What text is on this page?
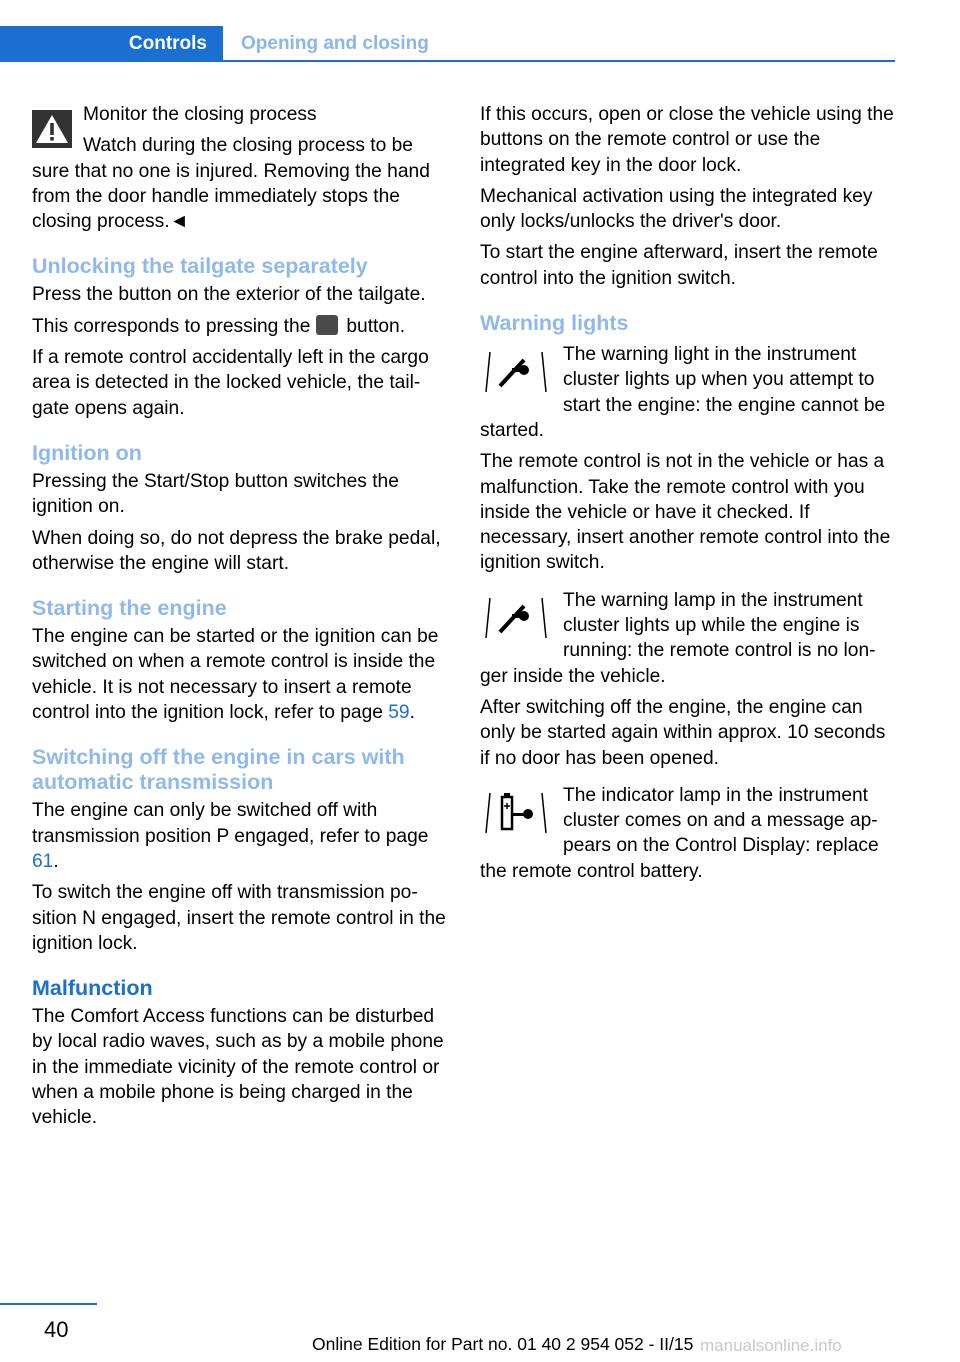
Controls	Opening and closing

Monitor the closing process

Watch during the closing process to be sure that no one is injured. Removing the hand from the door handle immediately stops the closing process.◄

Unlocking the tailgate separately

Press the button on the exterior of the tailgate.

This corresponds to pressing the button.

If a remote control accidentally left in the cargo area is detected in the locked vehicle, the tailgate opens again.

Ignition on

Pressing the Start/Stop button switches the ignition on.

When doing so, do not depress the brake pedal, otherwise the engine will start.

Starting the engine

The engine can be started or the ignition can be switched on when a remote control is inside the vehicle. It is not necessary to insert a remote control into the ignition lock, refer to page 59.

Switching off the engine in cars with automatic transmission

The engine can only be switched off with transmission position P engaged, refer to page 61.

To switch the engine off with transmission position N engaged, insert the remote control in the ignition lock.

Malfunction

The Comfort Access functions can be disturbed by local radio waves, such as by a mobile phone in the immediate vicinity of the remote control or when a mobile phone is being charged in the vehicle.

If this occurs, open or close the vehicle using the buttons on the remote control or use the integrated key in the door lock.

Mechanical activation using the integrated key only locks/unlocks the driver's door.

To start the engine afterward, insert the remote control into the ignition switch.

Warning lights

The warning light in the instrument cluster lights up when you attempt to start the engine: the engine cannot be started.

The remote control is not in the vehicle or has a malfunction. Take the remote control with you inside the vehicle or have it checked. If necessary, insert another remote control into the ignition switch.

The warning lamp in the instrument cluster lights up while the engine is running: the remote control is no longer inside the vehicle.

After switching off the engine, the engine can only be started again within approx. 10 seconds if no door has been opened.

The indicator lamp in the instrument cluster comes on and a message appears on the Control Display: replace the remote control battery.

40
Online Edition for Part no. 01 40 2 954 052 - II/15 manualsonline.info
